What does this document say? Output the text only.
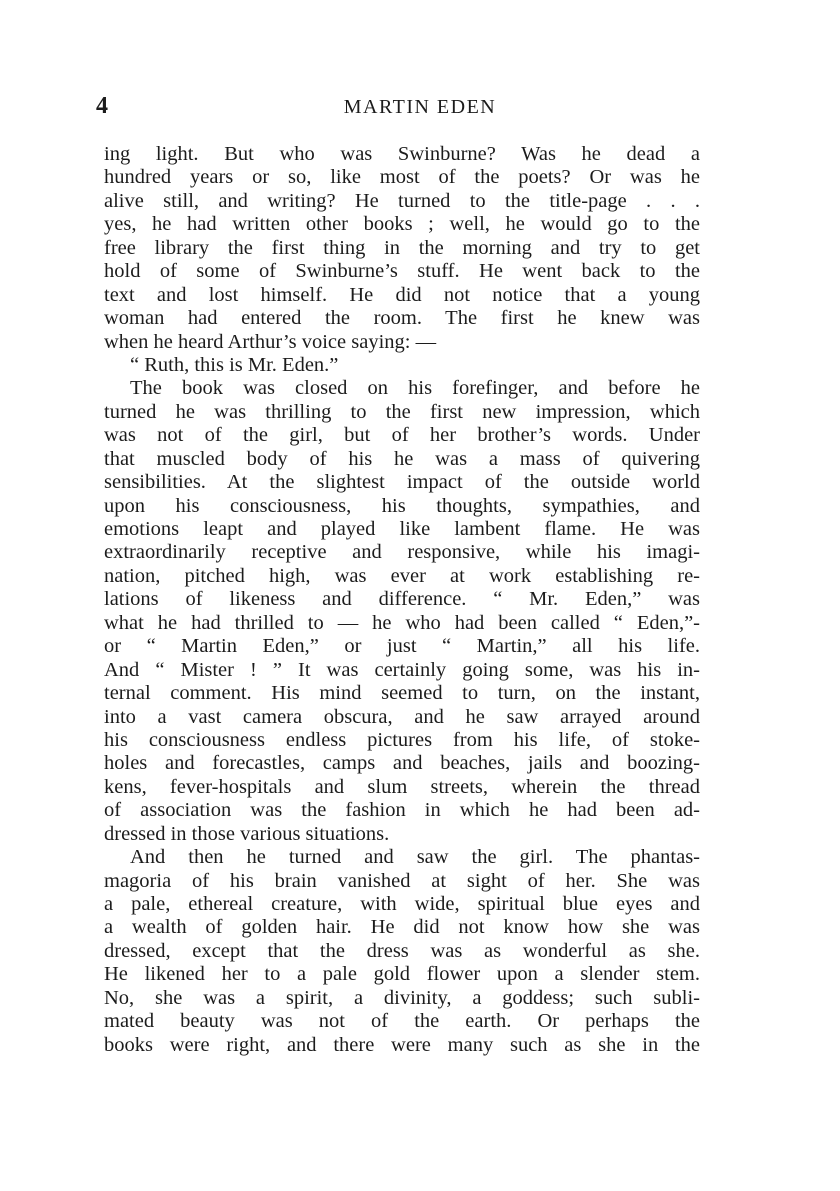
4	MARTIN EDEN
ing light. But who was Swinburne? Was he dead a
hundred years or so, like most of the poets? Or was he
alive still, and writing? He turned to the title-page . . .
yes, he had written other books ; well, he would go to the
free library the first thing in the morning and try to get
hold of some of Swinburne’s stuff. He went back to the
text and lost himself. He did not notice that a young
woman had entered the room. The first he knew was
when he heard Arthur’s voice saying: —
“ Ruth, this is Mr. Eden.”
The book was closed on his forefinger, and before he
turned he was thrilling to the first new impression, which
was not of the girl, but of her brother’s words. Under
that muscled body of his he was a mass of quivering
sensibilities. At the slightest impact of the outside world
upon his consciousness, his thoughts, sympathies, and
emotions leapt and played like lambent flame. He was
extraordinarily receptive and responsive, while his imagi-
nation, pitched high, was ever at work establishing re-
lations of likeness and difference. “ Mr. Eden,” was
what he had thrilled to — he who had been called “ Eden,”-
or “ Martin Eden,” or just “ Martin,” all his life.
And “ Mister ! ” It was certainly going some, was his in-
ternal comment. His mind seemed to turn, on the instant,
into a vast camera obscura, and he saw arrayed around
his consciousness endless pictures from his life, of stoke-
holes and forecastles, camps and beaches, jails and boozing-
kens, fever-hospitals and slum streets, wherein the thread
of association was the fashion in which he had been ad-
dressed in those various situations.
And then he turned and saw the girl. The phantas-
magoria of his brain vanished at sight of her. She was
a pale, ethereal creature, with wide, spiritual blue eyes and
a wealth of golden hair. He did not know how she was
dressed, except that the dress was as wonderful as she.
He likened her to a pale gold flower upon a slender stem.
No, she was a spirit, a divinity, a goddess; such subli-
mated beauty was not of the earth. Or perhaps the
books were right, and there were many such as she in the
